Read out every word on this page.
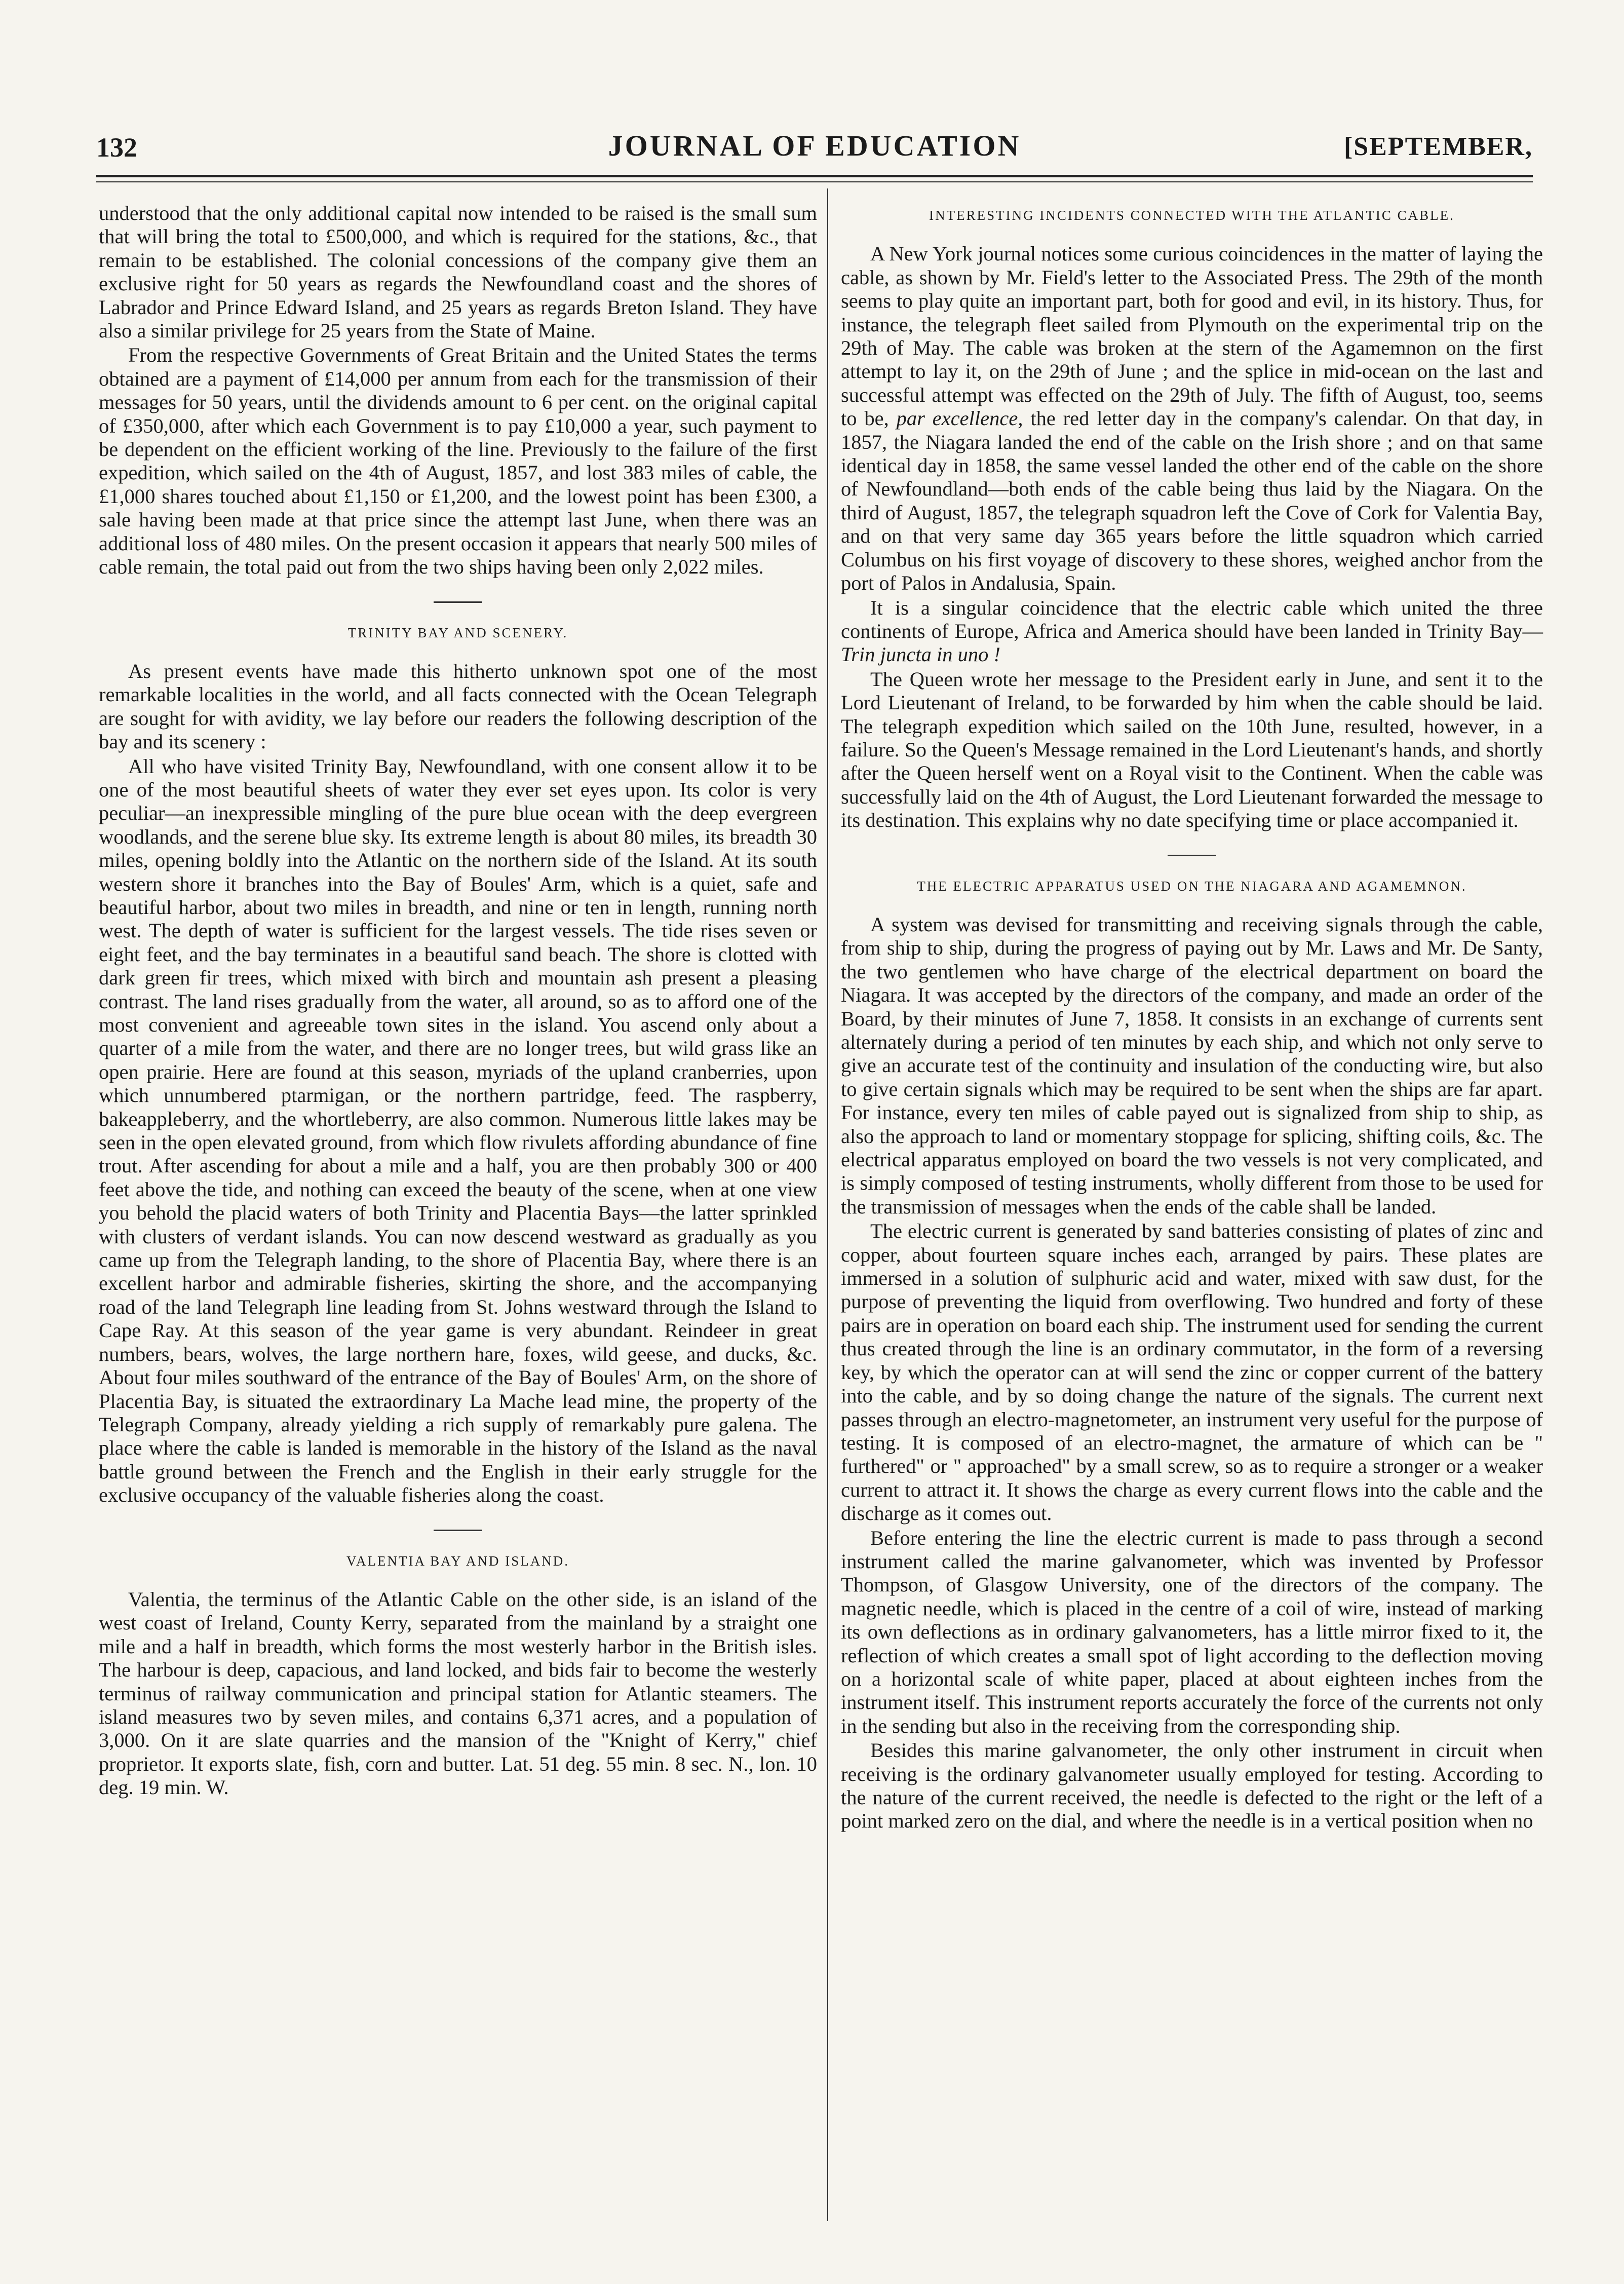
132	JOURNAL OF EDUCATION	[SEPTEMBER,

understood that the only additional capital now intended to be raised is the small sum that will bring the total to £500,000, and which is required for the stations, &c., that remain to be established. The colonial concessions of the company give them an exclusive right for 50 years as regards the Newfoundland coast and the shores of Labrador and Prince Edward Island, and 25 years as regards Breton Island. They have also a similar privilege for 25 years from the State of Maine.

From the respective Governments of Great Britain and the United States the terms obtained are a payment of £14,000 per annum from each for the transmission of their messages for 50 years, until the dividends amount to 6 per cent. on the original capital of £350,000, after which each Government is to pay £10,000 a year, such payment to be dependent on the efficient working of the line. Previously to the failure of the first expedition, which sailed on the 4th of August, 1857, and lost 383 miles of cable, the £1,000 shares touched about £1,150 or £1,200, and the lowest point has been £300, a sale having been made at that price since the attempt last June, when there was an additional loss of 480 miles. On the present occasion it appears that nearly 500 miles of cable remain, the total paid out from the two ships having been only 2,022 miles.

TRINITY BAY AND SCENERY.

As present events have made this hitherto unknown spot one of the most remarkable localities in the world, and all facts connected with the Ocean Telegraph are sought for with avidity, we lay before our readers the following description of the bay and its scenery :

All who have visited Trinity Bay, Newfoundland, with one consent allow it to be one of the most beautiful sheets of water they ever set eyes upon. Its color is very peculiar—an inexpressible mingling of the pure blue ocean with the deep evergreen woodlands, and the serene blue sky. Its extreme length is about 80 miles, its breadth 30 miles, opening boldly into the Atlantic on the northern side of the Island. At its south western shore it branches into the Bay of Boules' Arm, which is a quiet, safe and beautiful harbor, about two miles in breadth, and nine or ten in length, running north west. The depth of water is sufficient for the largest vessels. The tide rises seven or eight feet, and the bay terminates in a beautiful sand beach. The shore is clotted with dark green fir trees, which mixed with birch and mountain ash present a pleasing contrast. The land rises gradually from the water, all around, so as to afford one of the most convenient and agreeable town sites in the island. You ascend only about a quarter of a mile from the water, and there are no longer trees, but wild grass like an open prairie. Here are found at this season, myriads of the upland cranberries, upon which unnumbered ptarmigan, or the northern partridge, feed. The raspberry, bakeappleberry, and the whortleberry, are also common. Numerous little lakes may be seen in the open elevated ground, from which flow rivulets affording abundance of fine trout. After ascending for about a mile and a half, you are then probably 300 or 400 feet above the tide, and nothing can exceed the beauty of the scene, when at one view you behold the placid waters of both Trinity and Placentia Bays—the latter sprinkled with clusters of verdant islands. You can now descend westward as gradually as you came up from the Telegraph landing, to the shore of Placentia Bay, where there is an excellent harbor and admirable fisheries, skirting the shore, and the accompanying road of the land Telegraph line leading from St. Johns westward through the Island to Cape Ray. At this season of the year game is very abundant. Reindeer in great numbers, bears, wolves, the large northern hare, foxes, wild geese, and ducks, &c. About four miles southward of the entrance of the Bay of Boules' Arm, on the shore of Placentia Bay, is situated the extraordinary La Mache lead mine, the property of the Telegraph Company, already yielding a rich supply of remarkably pure galena. The place where the cable is landed is memorable in the history of the Island as the naval battle ground between the French and the English in their early struggle for the exclusive occupancy of the valuable fisheries along the coast.

VALENTIA BAY AND ISLAND.

Valentia, the terminus of the Atlantic Cable on the other side, is an island of the west coast of Ireland, County Kerry, separated from the mainland by a straight one mile and a half in breadth, which forms the most westerly harbor in the British isles. The harbour is deep, capacious, and land locked, and bids fair to become the westerly terminus of railway communication and principal station for Atlantic steamers. The island measures two by seven miles, and contains 6,371 acres, and a population of 3,000. On it are slate quarries and the mansion of the "Knight of Kerry," chief proprietor. It exports slate, fish, corn and butter. Lat. 51 deg. 55 min. 8 sec. N., lon. 10 deg. 19 min. W.

INTERESTING INCIDENTS CONNECTED WITH THE ATLANTIC CABLE.

A New York journal notices some curious coincidences in the matter of laying the cable, as shown by Mr. Field's letter to the Associated Press. The 29th of the month seems to play quite an important part, both for good and evil, in its history. Thus, for instance, the telegraph fleet sailed from Plymouth on the experimental trip on the 29th of May. The cable was broken at the stern of the Agamemnon on the first attempt to lay it, on the 29th of June ; and the splice in mid-ocean on the last and successful attempt was effected on the 29th of July. The fifth of August, too, seems to be, par excellence, the red letter day in the company's calendar. On that day, in 1857, the Niagara landed the end of the cable on the Irish shore ; and on that same identical day in 1858, the same vessel landed the other end of the cable on the shore of Newfoundland—both ends of the cable being thus laid by the Niagara. On the third of August, 1857, the telegraph squadron left the Cove of Cork for Valentia Bay, and on that very same day 365 years before the little squadron which carried Columbus on his first voyage of discovery to these shores, weighed anchor from the port of Palos in Andalusia, Spain.

It is a singular coincidence that the electric cable which united the three continents of Europe, Africa and America should have been landed in Trinity Bay—Trin juncta in uno !

The Queen wrote her message to the President early in June, and sent it to the Lord Lieutenant of Ireland, to be forwarded by him when the cable should be laid. The telegraph expedition which sailed on the 10th June, resulted, however, in a failure. So the Queen's Message remained in the Lord Lieutenant's hands, and shortly after the Queen herself went on a Royal visit to the Continent. When the cable was successfully laid on the 4th of August, the Lord Lieutenant forwarded the message to its destination. This explains why no date specifying time or place accompanied it.

THE ELECTRIC APPARATUS USED ON THE NIAGARA AND AGAMEMNON.

A system was devised for transmitting and receiving signals through the cable, from ship to ship, during the progress of paying out by Mr. Laws and Mr. De Santy, the two gentlemen who have charge of the electrical department on board the Niagara. It was accepted by the directors of the company, and made an order of the Board, by their minutes of June 7, 1858. It consists in an exchange of currents sent alternately during a period of ten minutes by each ship, and which not only serve to give an accurate test of the continuity and insulation of the conducting wire, but also to give certain signals which may be required to be sent when the ships are far apart. For instance, every ten miles of cable payed out is signalized from ship to ship, as also the approach to land or momentary stoppage for splicing, shifting coils, &c. The electrical apparatus employed on board the two vessels is not very complicated, and is simply composed of testing instruments, wholly different from those to be used for the transmission of messages when the ends of the cable shall be landed.

The electric current is generated by sand batteries consisting of plates of zinc and copper, about fourteen square inches each, arranged by pairs. These plates are immersed in a solution of sulphuric acid and water, mixed with saw dust, for the purpose of preventing the liquid from overflowing. Two hundred and forty of these pairs are in operation on board each ship. The instrument used for sending the current thus created through the line is an ordinary commutator, in the form of a reversing key, by which the operator can at will send the zinc or copper current of the battery into the cable, and by so doing change the nature of the signals. The current next passes through an electro-magnetometer, an instrument very useful for the purpose of testing. It is composed of an electro-magnet, the armature of which can be " furthered" or " approached" by a small screw, so as to require a stronger or a weaker current to attract it. It shows the charge as every current flows into the cable and the discharge as it comes out.

Before entering the line the electric current is made to pass through a second instrument called the marine galvanometer, which was invented by Professor Thompson, of Glasgow University, one of the directors of the company. The magnetic needle, which is placed in the centre of a coil of wire, instead of marking its own deflections as in ordinary galvanometers, has a little mirror fixed to it, the reflection of which creates a small spot of light according to the deflection moving on a horizontal scale of white paper, placed at about eighteen inches from the instrument itself. This instrument reports accurately the force of the currents not only in the sending but also in the receiving from the corresponding ship.

Besides this marine galvanometer, the only other instrument in circuit when receiving is the ordinary galvanometer usually employed for testing. According to the nature of the current received, the needle is defected to the right or the left of a point marked zero on the dial, and where the needle is in a vertical position when no
